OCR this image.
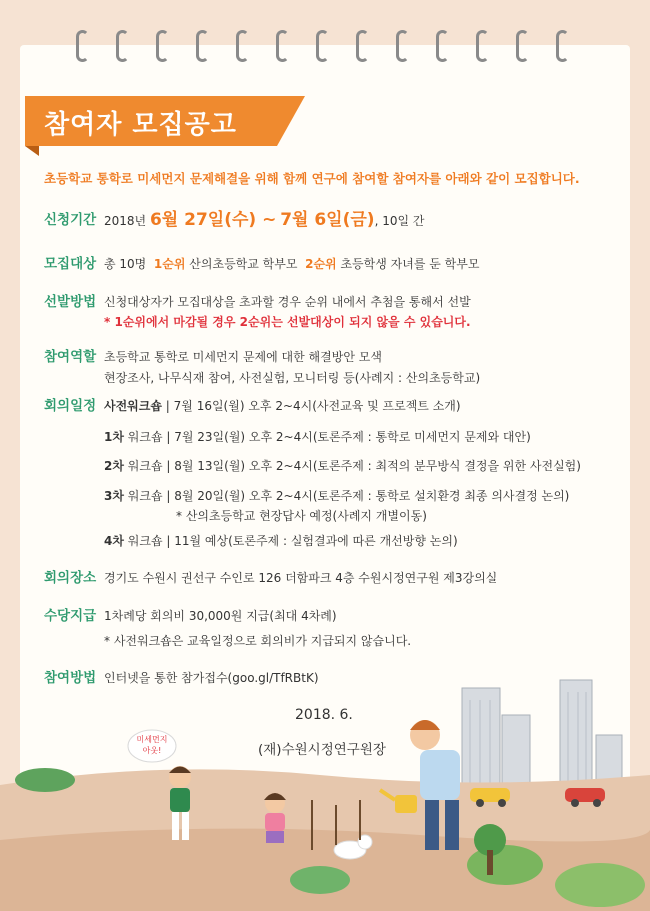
참여자 모집공고
초등학교 통학로 미세먼지 문제해결을 위해 함께 연구에 참여할 참여자를 아래와 같이 모집합니다.
신청기간 2018년 6월 27일(수) ~ 7월 6일(금), 10일 간
모집대상 총 10명 1순위 산의초등학교 학부모 2순위 초등학생 자녀를 둔 학부모
선발방법 신청대상자가 모집대상을 초과할 경우 순위 내에서 추첨을 통해서 선발
* 1순위에서 마감될 경우 2순위는 선발대상이 되지 않을 수 있습니다.
참여역할 초등학교 통학로 미세먼지 문제에 대한 해결방안 모색
현장조사, 나무식재 참여, 사전실험, 모니터링 등(사례지 : 산의초등학교)
회의일정 사전워크숍 | 7월 16일(월) 오후 2~4시(사전교육 및 프로젝트 소개)
1차 워크숍 | 7월 23일(월) 오후 2~4시(토론주제 : 통학로 미세먼지 문제와 대안)
2차 워크숍 | 8월 13일(월) 오후 2~4시(토론주제 : 최적의 분무방식 결정을 위한 사전실험)
3차 워크숍 | 8월 20일(월) 오후 2~4시(토론주제 : 통학로 설치환경 최종 의사결정 논의)
* 산의초등학교 현장답사 예정(사례지 개별이동)
4차 워크숍 | 11월 예상(토론주제 : 실험결과에 따른 개선방향 논의)
회의장소 경기도 수원시 권선구 수인로 126 더함파크 4층 수원시정연구원 제3강의실
수당지급 1차례당 회의비 30,000원 지급(최대 4차례)
* 사전워크숍은 교육일정으로 회의비가 지급되지 않습니다.
참여방법 인터넷을 통한 참가접수(goo.gl/TfRBtK)
2018. 6.
(재)수원시정연구원장
미세먼지
아웃!
